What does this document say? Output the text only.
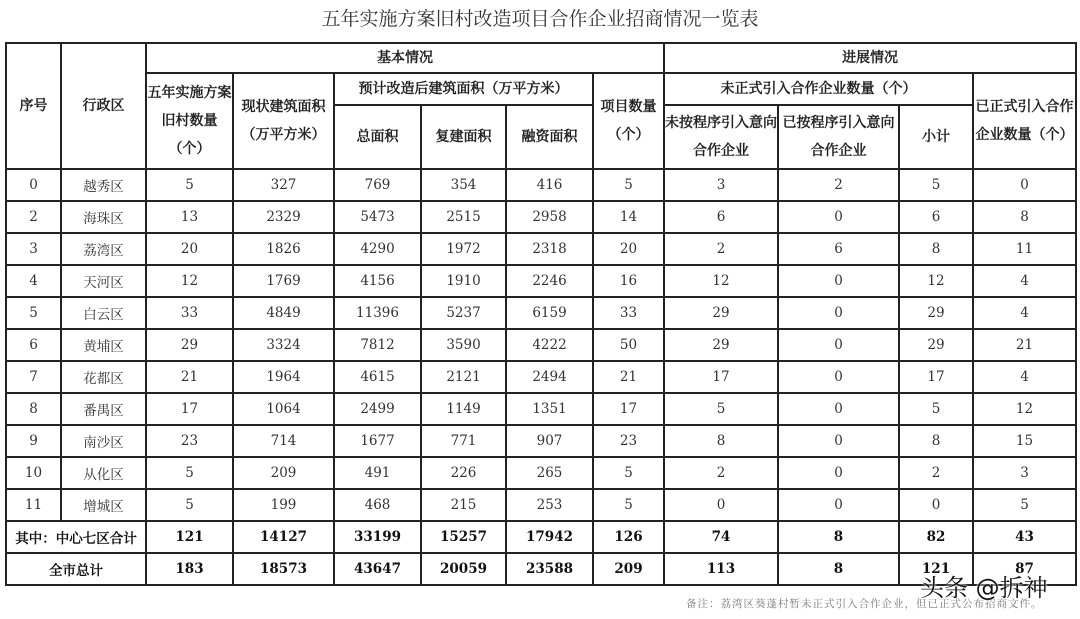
五年实施方案旧村改造项目合作企业招商情况一览表
序号	行政区	基本情况						进展情况			
		五年实施方案旧村数量（个）	现状建筑面积（万平方米）	预计改造后建筑面积（万平方米）			项目数量（个）	未正式引入合作企业数量（个）			已正式引入合作企业数量（个）
				总面积	复建面积	融资面积		未按程序引入意向合作企业	已按程序引入意向合作企业	小计	
0	越秀区	5	327	769	354	416	5	3	2	5	0
2	海珠区	13	2329	5473	2515	2958	14	6	0	6	8
3	荔湾区	20	1826	4290	1972	2318	20	2	6	8	11
4	天河区	12	1769	4156	1910	2246	16	12	0	12	4
5	白云区	33	4849	11396	5237	6159	33	29	0	29	4
6	黄埔区	29	3324	7812	3590	4222	50	29	0	29	21
7	花都区	21	1964	4615	2121	2494	21	17	0	17	4
8	番禺区	17	1064	2499	1149	1351	17	5	0	5	12
9	南沙区	23	714	1677	771	907	23	8	0	8	15
10	从化区	5	209	491	226	265	5	2	0	2	3
11	增城区	5	199	468	215	253	5	0	0	0	5
其中：中心七区合计		121	14127	33199	15257	17942	126	74	8	82	43
全市总计		183	18573	43647	20059	23588	209	113	8	121	87
备注：荔湾区葵蓬村暂未正式引入合作企业，但已正式公布招商文件。
头条 @拆神
